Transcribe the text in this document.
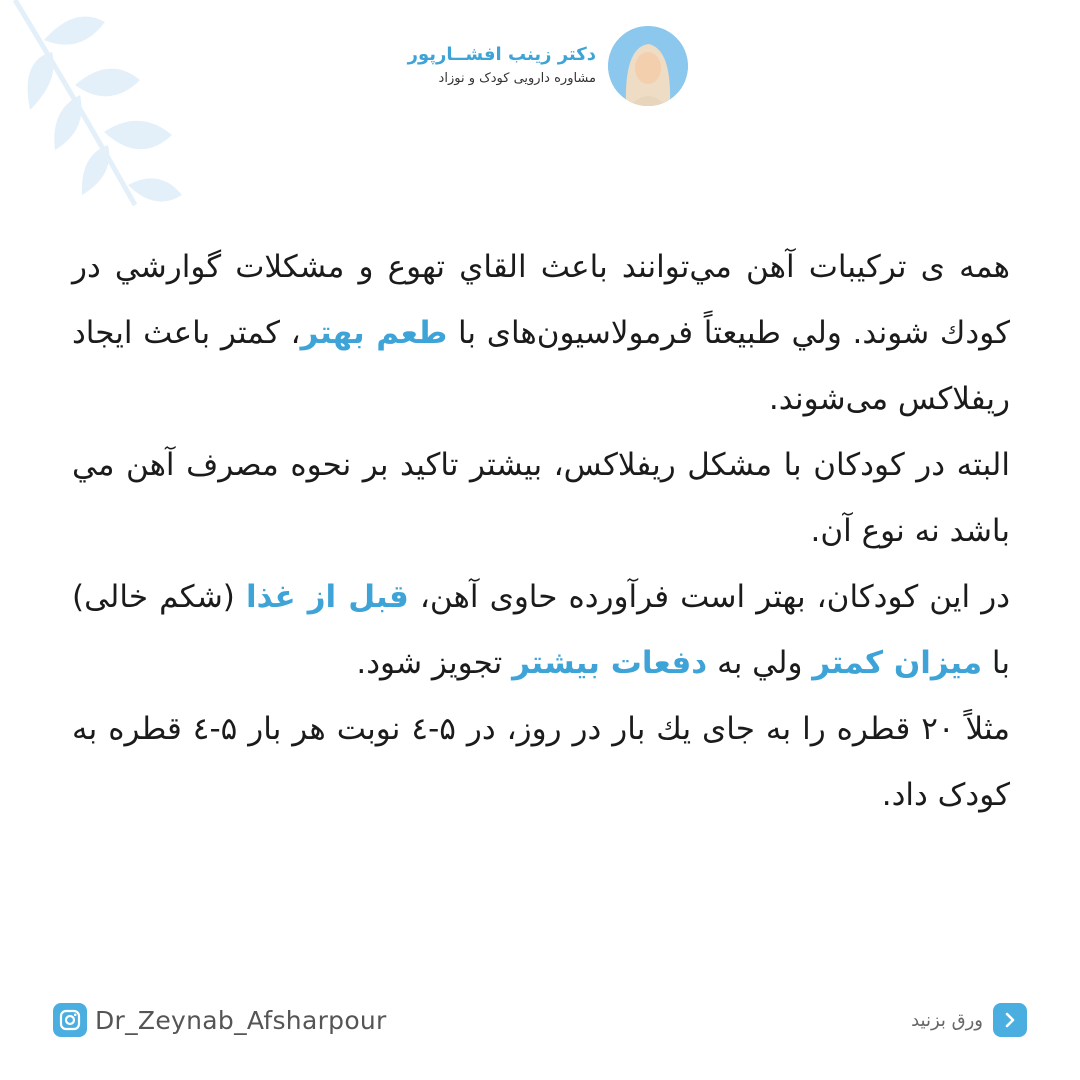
دکتر زینب افشــارپور
مشاوره دارویی کودک و نوزاد

همه ی ترکیبات آهن مي‌توانند باعث القاي تهوع و مشکلات گوارشي در کودك شوند. ولي طبيعتاً فرمولاسيون‌های با طعم بهتر، کمتر باعث ایجاد ریفلاکس می‌شوند.

البته در کودکان با مشکل ریفلاکس، بیشتر تاکید بر نحوه مصرف آهن مي باشد نه نوع آن.

در این کودکان، بهتر است فرآورده حاوی آهن، قبل از غذا (شکم خالی) با میزان کمتر ولي به دفعات بیشتر تجویز شود.

مثلاً ۲۰ قطره را به جای يك بار در روز، در ۵-٤ نوبت هر بار ۵-٤ قطره به کودک داد.

Dr_Zeynab_Afsharpour	ورق بزنید
